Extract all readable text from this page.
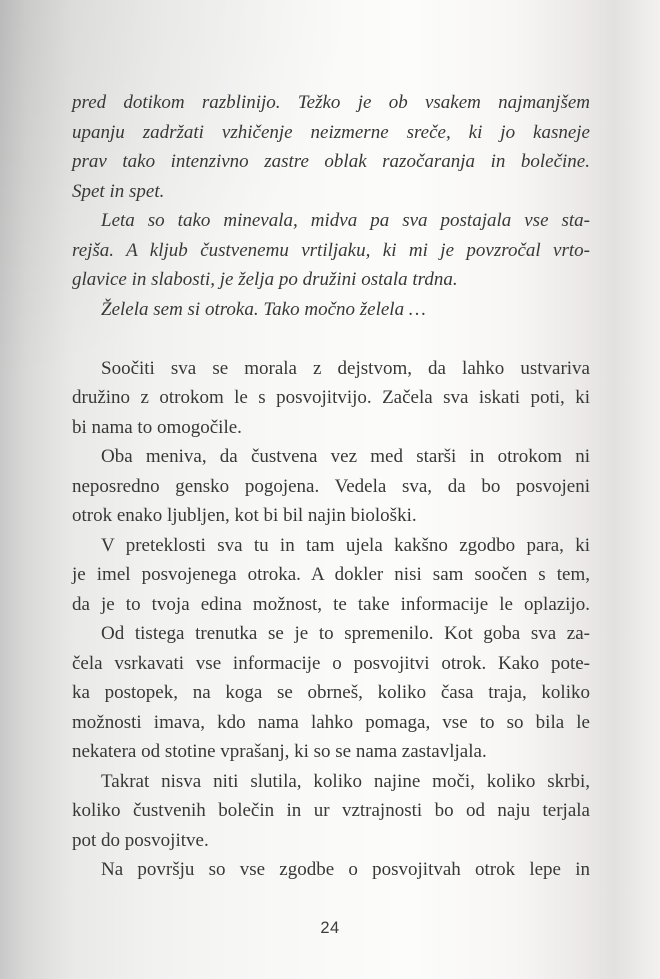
pred dotikom razblinijo. Težko je ob vsakem najmanjšem
upanju zadržati vzhičenje neizmerne sreče, ki jo kasneje
prav tako intenzivno zastre oblak razočaranja in bolečine.
Spet in spet.
Leta so tako minevala, midva pa sva postajala vse sta-
rejša. A kljub čustvenemu vrtiljaku, ki mi je povzročal vrto-
glavice in slabosti, je želja po družini ostala trdna.
Želela sem si otroka. Tako močno želela …
Soočiti sva se morala z dejstvom, da lahko ustvariva
družino z otrokom le s posvojitvijo. Začela sva iskati poti, ki
bi nama to omogočile.
Oba meniva, da čustvena vez med starši in otrokom ni
neposredno gensko pogojena. Vedela sva, da bo posvojeni
otrok enako ljubljen, kot bi bil najin biološki.
V preteklosti sva tu in tam ujela kakšno zgodbo para, ki
je imel posvojenega otroka. A dokler nisi sam soočen s tem,
da je to tvoja edina možnost, te take informacije le oplazijo.
Od tistega trenutka se je to spremenilo. Kot goba sva za-
čela vsrkavati vse informacije o posvojitvi otrok. Kako pote-
ka postopek, na koga se obrneš, koliko časa traja, koliko
možnosti imava, kdo nama lahko pomaga, vse to so bila le
nekatera od stotine vprašanj, ki so se nama zastavljala.
Takrat nisva niti slutila, koliko najine moči, koliko skrbi,
koliko čustvenih bolečin in ur vztrajnosti bo od naju terjala
pot do posvojitve.
Na površju so vse zgodbe o posvojitvah otrok lepe in
24
